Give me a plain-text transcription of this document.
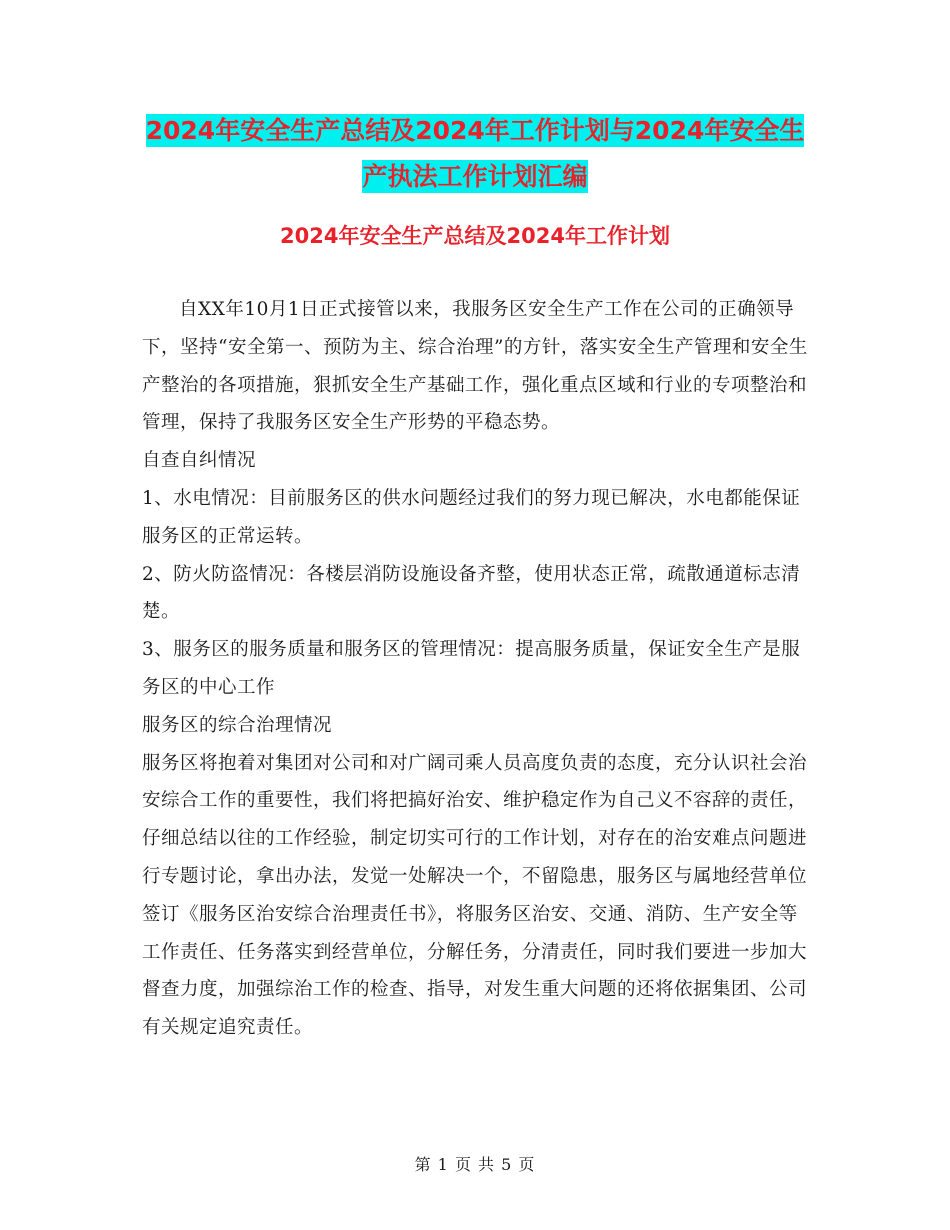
2024年安全生产总结及2024年工作计划与2024年安全生产执法工作计划汇编
2024年安全生产总结及2024年工作计划

自XX年10月1日正式接管以来，我服务区安全生产工作在公司的正确领导下，坚持“安全第一、预防为主、综合治理”的方针，落实安全生产管理和安全生产整治的各项措施，狠抓安全生产基础工作，强化重点区域和行业的专项整治和管理，保持了我服务区安全生产形势的平稳态势。

自查自纠情况

1、水电情况：目前服务区的供水问题经过我们的努力现已解决，水电都能保证服务区的正常运转。

2、防火防盗情况：各楼层消防设施设备齐整，使用状态正常，疏散通道标志清楚。

3、服务区的服务质量和服务区的管理情况：提高服务质量，保证安全生产是服务区的中心工作

服务区的综合治理情况

服务区将抱着对集团对公司和对广阔司乘人员高度负责的态度，充分认识社会治安综合工作的重要性，我们将把搞好治安、维护稳定作为自己义不容辞的责任，仔细总结以往的工作经验，制定切实可行的工作计划，对存在的治安难点问题进行专题讨论，拿出办法，发觉一处解决一个，不留隐患，服务区与属地经营单位签订《服务区治安综合治理责任书》，将服务区治安、交通、消防、生产安全等工作责任、任务落实到经营单位，分解任务，分清责任，同时我们要进一步加大督查力度，加强综治工作的检查、指导，对发生重大问题的还将依据集团、公司有关规定追究责任。

第 1 页 共 5 页
